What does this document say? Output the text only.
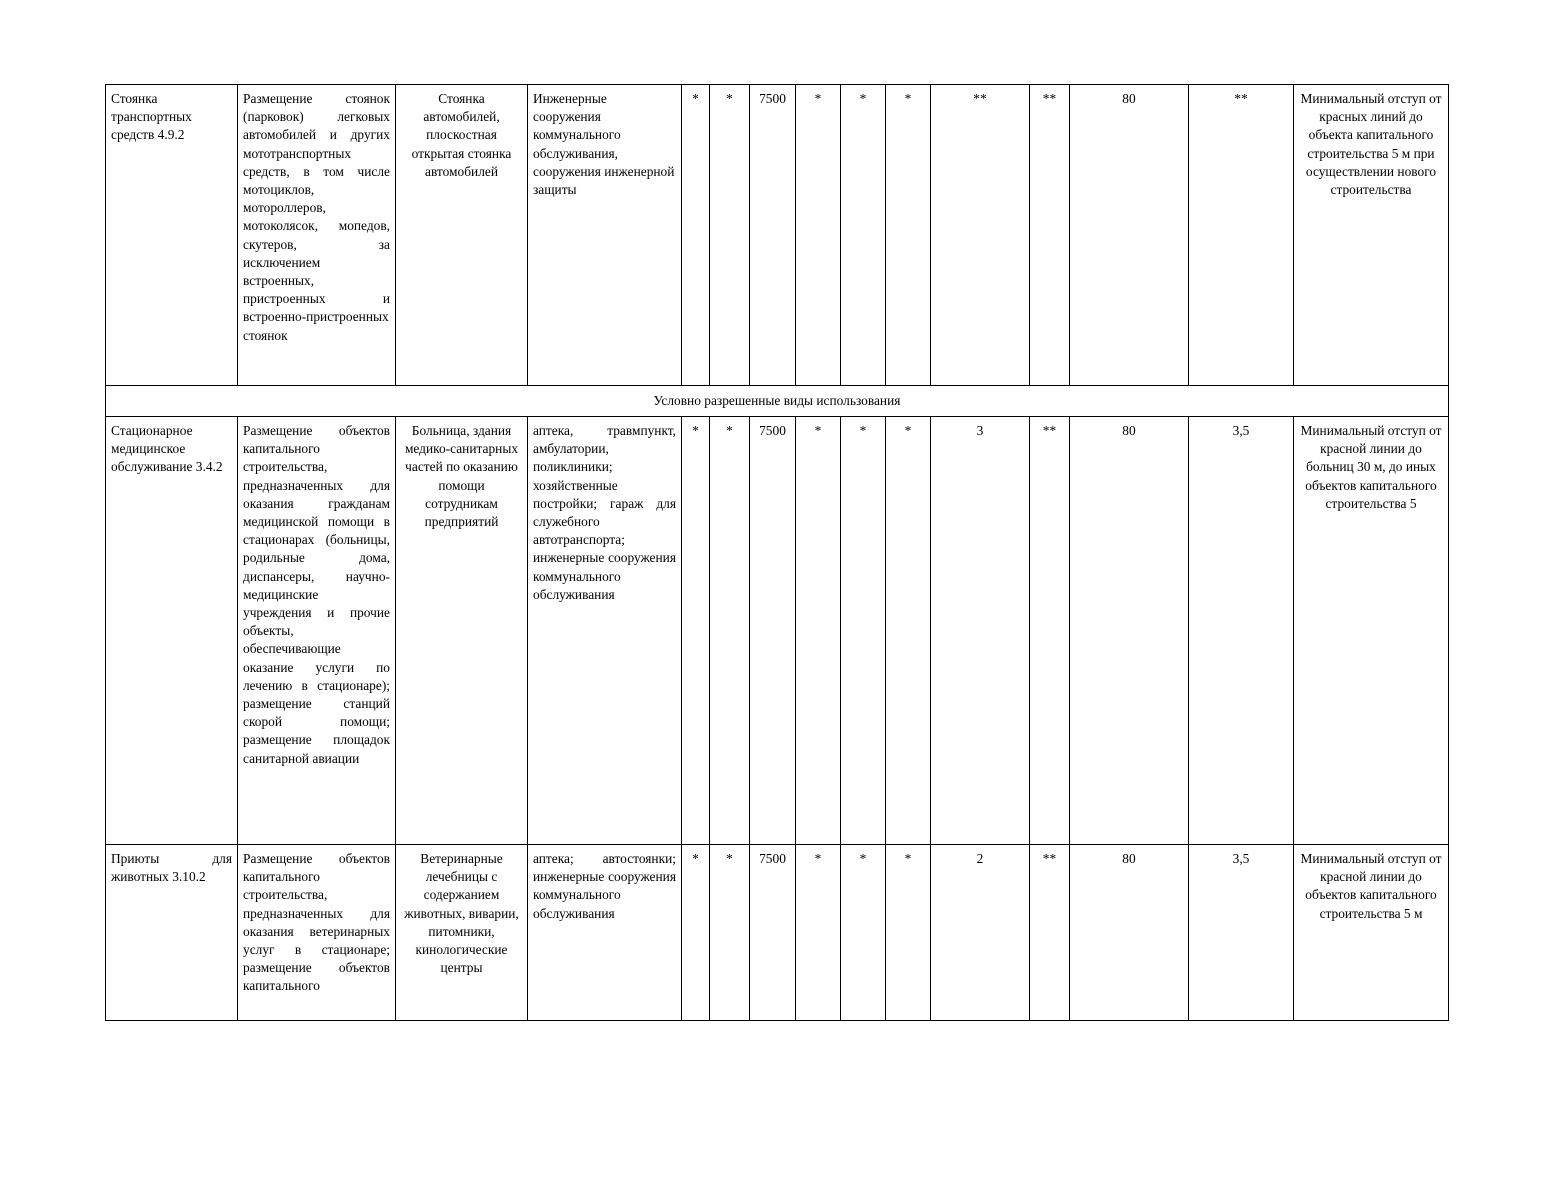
Стоянка транспортных средств 4.9.2	Размещение стоянок (парковок) легковых автомобилей и других мототранспортных средств, в том числе мотоциклов, мотороллеров, мотоколясок, мопедов, скутеров, за исключением встроенных, пристроенных и встроенно-пристроенных стоянок	Стоянка автомобилей, плоскостная открытая стоянка автомобилей	Инженерные сооружения коммунального обслуживания, сооружения инженерной защиты	*	*	7500	*	*	*	**	**	80	**	Минимальный отступ от красных линий до объекта капитального строительства 5 м при осуществлении нового строительства

Условно разрешенные виды использования														

Стационарное медицинское обслуживание 3.4.2	Размещение объектов капитального строительства, предназначенных для оказания гражданам медицинской помощи в стационарах (больницы, родильные дома, диспансеры, научно-медицинские учреждения и прочие объекты, обеспечивающие оказание услуги по лечению в стационаре); размещение станций скорой помощи; размещение площадок санитарной авиации	Больница, здания медико-санитарных частей по оказанию помощи сотрудникам предприятий	аптека, травмпункт, амбулатории, поликлиники; хозяйственные постройки; гараж для служебного автотранспорта; инженерные сооружения коммунального обслуживания	*	*	7500	*	*	*	3	**	80	3,5	Минимальный отступ от красной линии до больниц 30 м, до иных объектов капитального строительства 5

Приюты для животных 3.10.2	Размещение объектов капитального строительства, предназначенных для оказания ветеринарных услуг в стационаре; размещение объектов капитального	Ветеринарные лечебницы с содержанием животных, виварии, питомники, кинологические центры	аптека; автостоянки; инженерные сооружения коммунального обслуживания	*	*	7500	*	*	*	2	**	80	3,5	Минимальный отступ от красной линии до объектов капитального строительства 5 м
